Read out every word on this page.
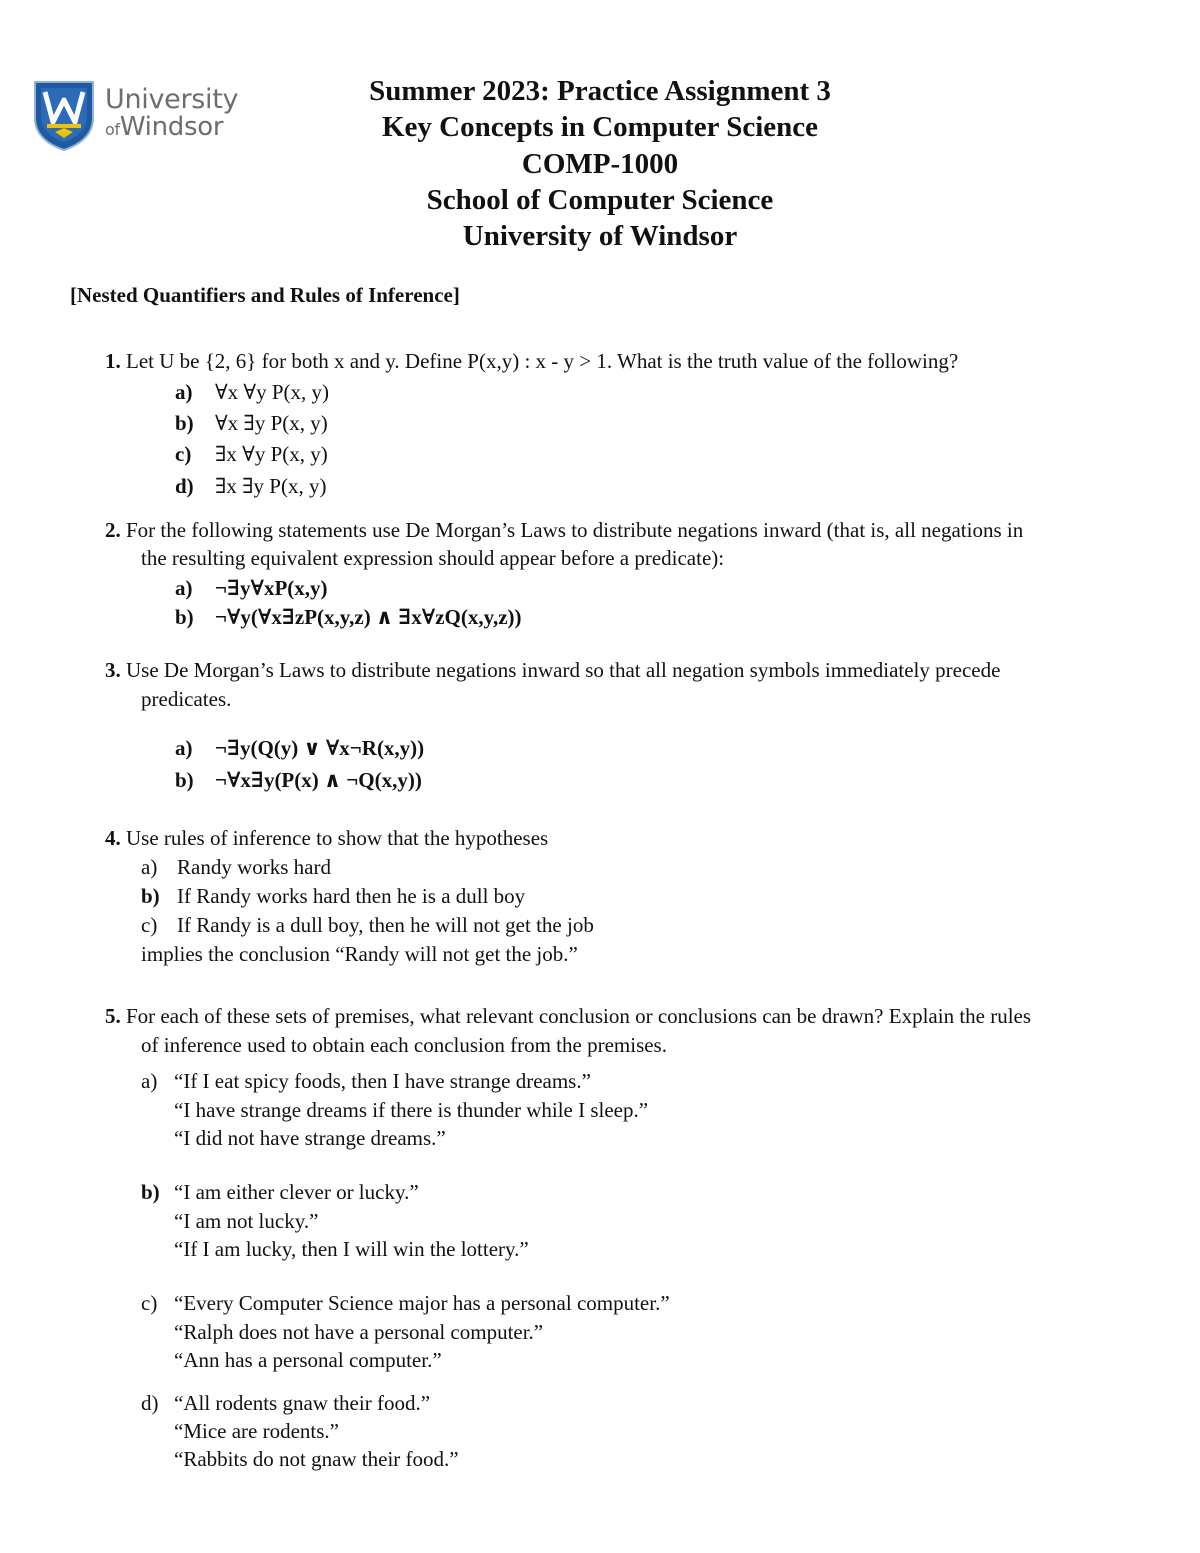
University
ofWindsor
Summer 2023: Practice Assignment 3
Key Concepts in Computer Science
COMP-1000
School of Computer Science
University of Windsor
[Nested Quantifiers and Rules of Inference]
1. Let U be {2, 6} for both x and y. Define P(x,y) : x - y > 1. What is the truth value of the following?
a) ∀x ∀y P(x, y)
b) ∀x ∃y P(x, y)
c) ∃x ∀y P(x, y)
d) ∃x ∃y P(x, y)
2. For the following statements use De Morgan’s Laws to distribute negations inward (that is, all negations in
the resulting equivalent expression should appear before a predicate):
a) ¬∃y∀xP(x,y)
b) ¬∀y(∀x∃zP(x,y,z) ∧ ∃x∀zQ(x,y,z))
3. Use De Morgan’s Laws to distribute negations inward so that all negation symbols immediately precede
predicates.
a) ¬∃y(Q(y) ∨ ∀x¬R(x,y))
b) ¬∀x∃y(P(x) ∧ ¬Q(x,y))
4. Use rules of inference to show that the hypotheses
a) Randy works hard
b) If Randy works hard then he is a dull boy
c) If Randy is a dull boy, then he will not get the job
implies the conclusion “Randy will not get the job.”
5. For each of these sets of premises, what relevant conclusion or conclusions can be drawn? Explain the rules
of inference used to obtain each conclusion from the premises.
a) “If I eat spicy foods, then I have strange dreams.”
“I have strange dreams if there is thunder while I sleep.”
“I did not have strange dreams.”
b) “I am either clever or lucky.”
“I am not lucky.”
“If I am lucky, then I will win the lottery.”
c) “Every Computer Science major has a personal computer.”
“Ralph does not have a personal computer.”
“Ann has a personal computer.”
d) “All rodents gnaw their food.”
“Mice are rodents.”
“Rabbits do not gnaw their food.”
